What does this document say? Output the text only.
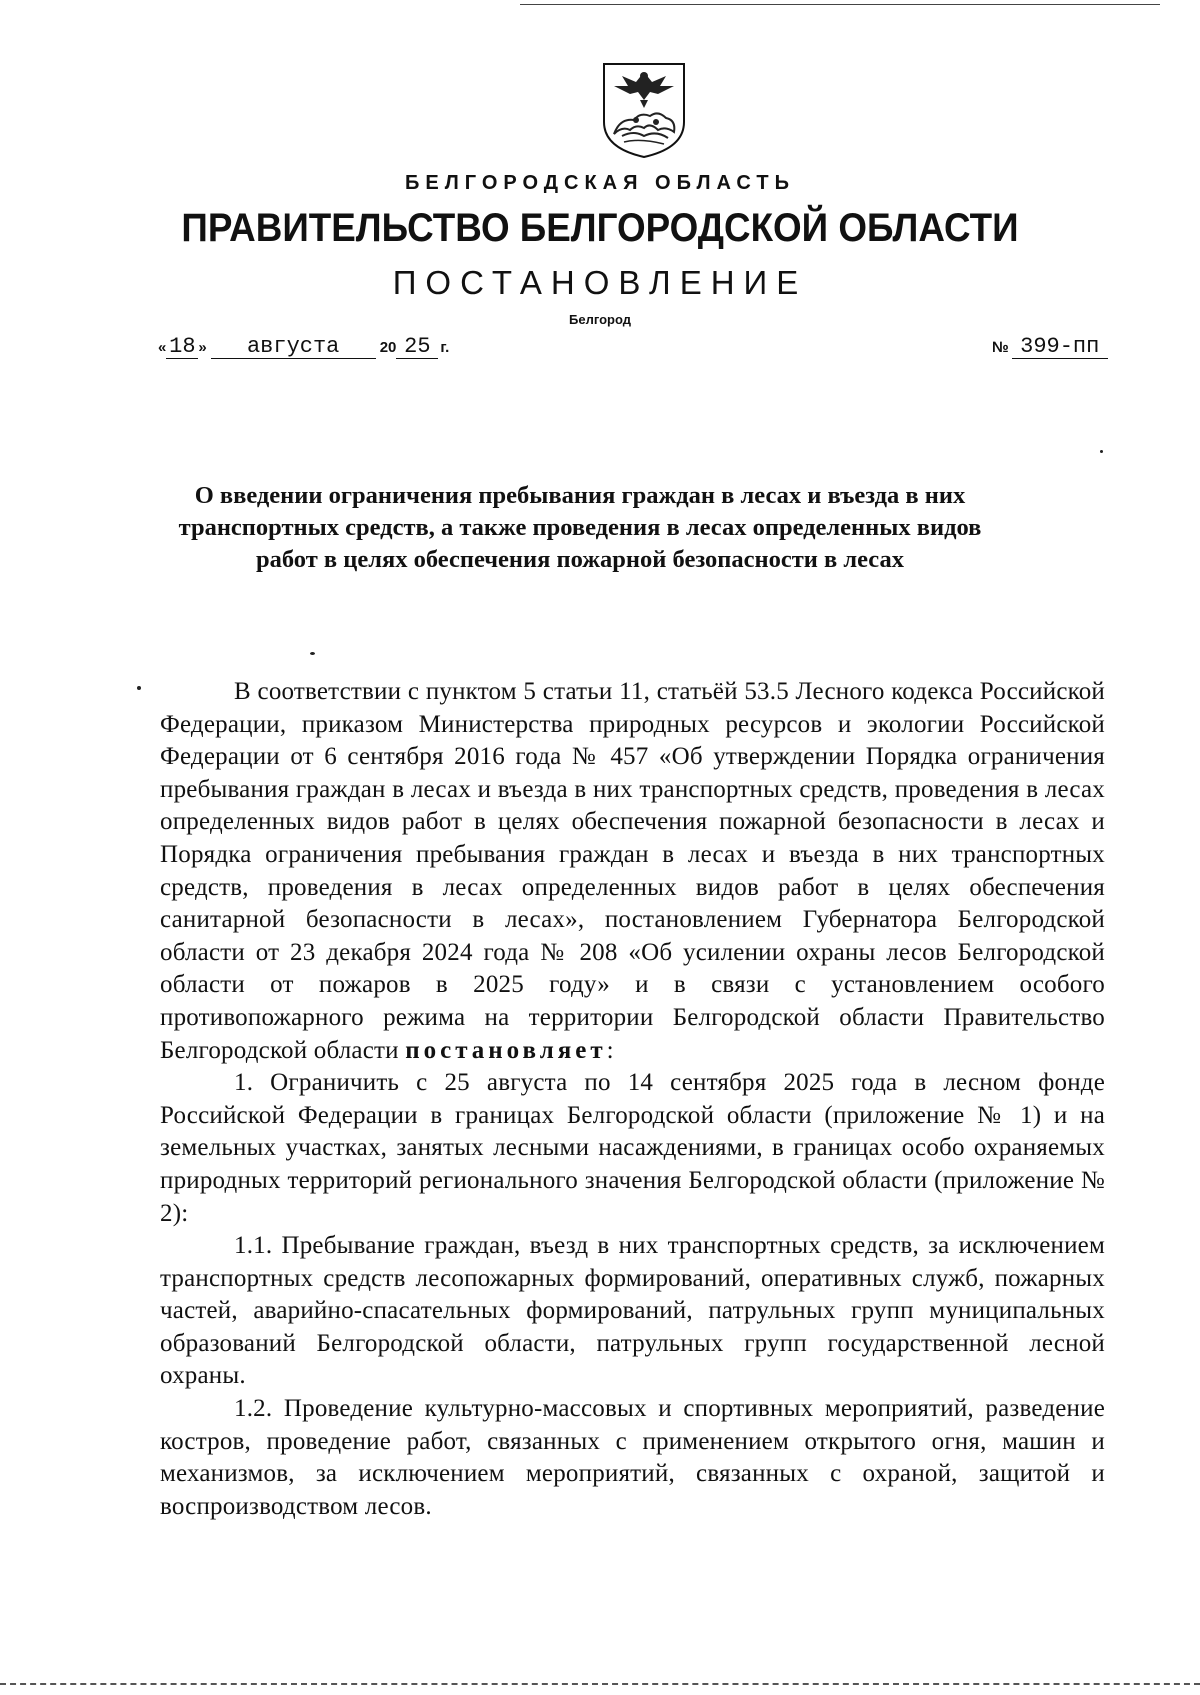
БЕЛГОРОДСКАЯ ОБЛАСТЬ
ПРАВИТЕЛЬСТВО БЕЛГОРОДСКОЙ ОБЛАСТИ
ПОСТАНОВЛЕНИЕ
Белгород
« 18 » августа	20 25 г.	№ 399-пп
О введении ограничения пребывания граждан в лесах и въезда в них транспортных средств, а также проведения в лесах определенных видов работ в целях обеспечения пожарной безопасности в лесах

В соответствии с пунктом 5 статьи 11, статьёй 53.5 Лесного кодекса Российской Федерации, приказом Министерства природных ресурсов и экологии Российской Федерации от 6 сентября 2016 года № 457 «Об утверждении Порядка ограничения пребывания граждан в лесах и въезда в них транспортных средств, проведения в лесах определенных видов работ в целях обеспечения пожарной безопасности в лесах и Порядка ограничения пребывания граждан в лесах и въезда в них транспортных средств, проведения в лесах определенных видов работ в целях обеспечения санитарной безопасности в лесах», постановлением Губернатора Белгородской области от 23 декабря 2024 года № 208 «Об усилении охраны лесов Белгородской области от пожаров в 2025 году» и в связи с установлением особого противопожарного режима на территории Белгородской области Правительство Белгородской области постановляет:

1. Ограничить с 25 августа по 14 сентября 2025 года в лесном фонде Российской Федерации в границах Белгородской области (приложение № 1) и на земельных участках, занятых лесными насаждениями, в границах особо охраняемых природных территорий регионального значения Белгородской области (приложение № 2):

1.1. Пребывание граждан, въезд в них транспортных средств, за исключением транспортных средств лесопожарных формирований, оперативных служб, пожарных частей, аварийно-спасательных формирований, патрульных групп муниципальных образований Белгородской области, патрульных групп государственной лесной охраны.

1.2. Проведение культурно-массовых и спортивных мероприятий, разведение костров, проведение работ, связанных с применением открытого огня, машин и механизмов, за исключением мероприятий, связанных с охраной, защитой и воспроизводством лесов.
